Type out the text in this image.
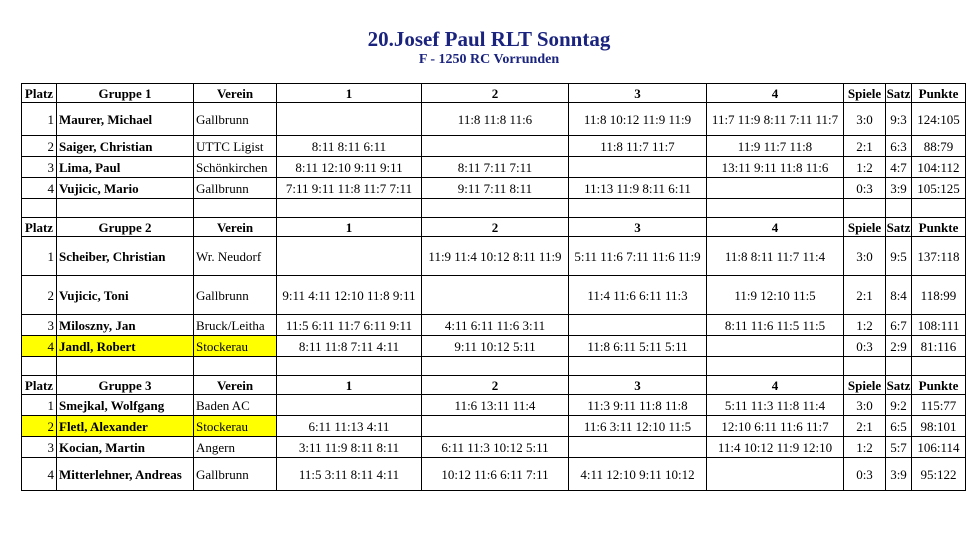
20.Josef Paul RLT Sonntag
F - 1250 RC Vorrunden
Platz	Gruppe 1	Verein	1	2	3	4	Spiele	Satz	Punkte
1	Maurer, Michael	Gallbrunn		11:8 11:8 11:6	11:8 10:12 11:9 11:9	11:7 11:9 8:11 7:11 11:7	3:0	9:3	124:105
2	Saiger, Christian	UTTC Ligist	8:11 8:11 6:11		11:8 11:7 11:7	11:9 11:7 11:8	2:1	6:3	88:79
3	Lima, Paul	Schönkirchen	8:11 12:10 9:11 9:11	8:11 7:11 7:11		13:11 9:11 11:8 11:6	1:2	4:7	104:112
4	Vujicic, Mario	Gallbrunn	7:11 9:11 11:8 11:7 7:11	9:11 7:11 8:11	11:13 11:9 8:11 6:11		0:3	3:9	105:125

Platz	Gruppe 2	Verein	1	2	3	4	Spiele	Satz	Punkte
1	Scheiber, Christian	Wr. Neudorf		11:9 11:4 10:12 8:11 11:9	5:11 11:6 7:11 11:6 11:9	11:8 8:11 11:7 11:4	3:0	9:5	137:118
2	Vujicic, Toni	Gallbrunn	9:11 4:11 12:10 11:8 9:11		11:4 11:6 6:11 11:3	11:9 12:10 11:5	2:1	8:4	118:99
3	Miloszny, Jan	Bruck/Leitha	11:5 6:11 11:7 6:11 9:11	4:11 6:11 11:6 3:11		8:11 11:6 11:5 11:5	1:2	6:7	108:111
4	Jandl, Robert	Stockerau	8:11 11:8 7:11 4:11	9:11 10:12 5:11	11:8 6:11 5:11 5:11		0:3	2:9	81:116

Platz	Gruppe 3	Verein	1	2	3	4	Spiele	Satz	Punkte
1	Smejkal, Wolfgang	Baden AC		11:6 13:11 11:4	11:3 9:11 11:8 11:8	5:11 11:3 11:8 11:4	3:0	9:2	115:77
2	Fletl, Alexander	Stockerau	6:11 11:13 4:11		11:6 3:11 12:10 11:5	12:10 6:11 11:6 11:7	2:1	6:5	98:101
3	Kocian, Martin	Angern	3:11 11:9 8:11 8:11	6:11 11:3 10:12 5:11		11:4 10:12 11:9 12:10	1:2	5:7	106:114
4	Mitterlehner, Andreas	Gallbrunn	11:5 3:11 8:11 4:11	10:12 11:6 6:11 7:11	4:11 12:10 9:11 10:12		0:3	3:9	95:122
